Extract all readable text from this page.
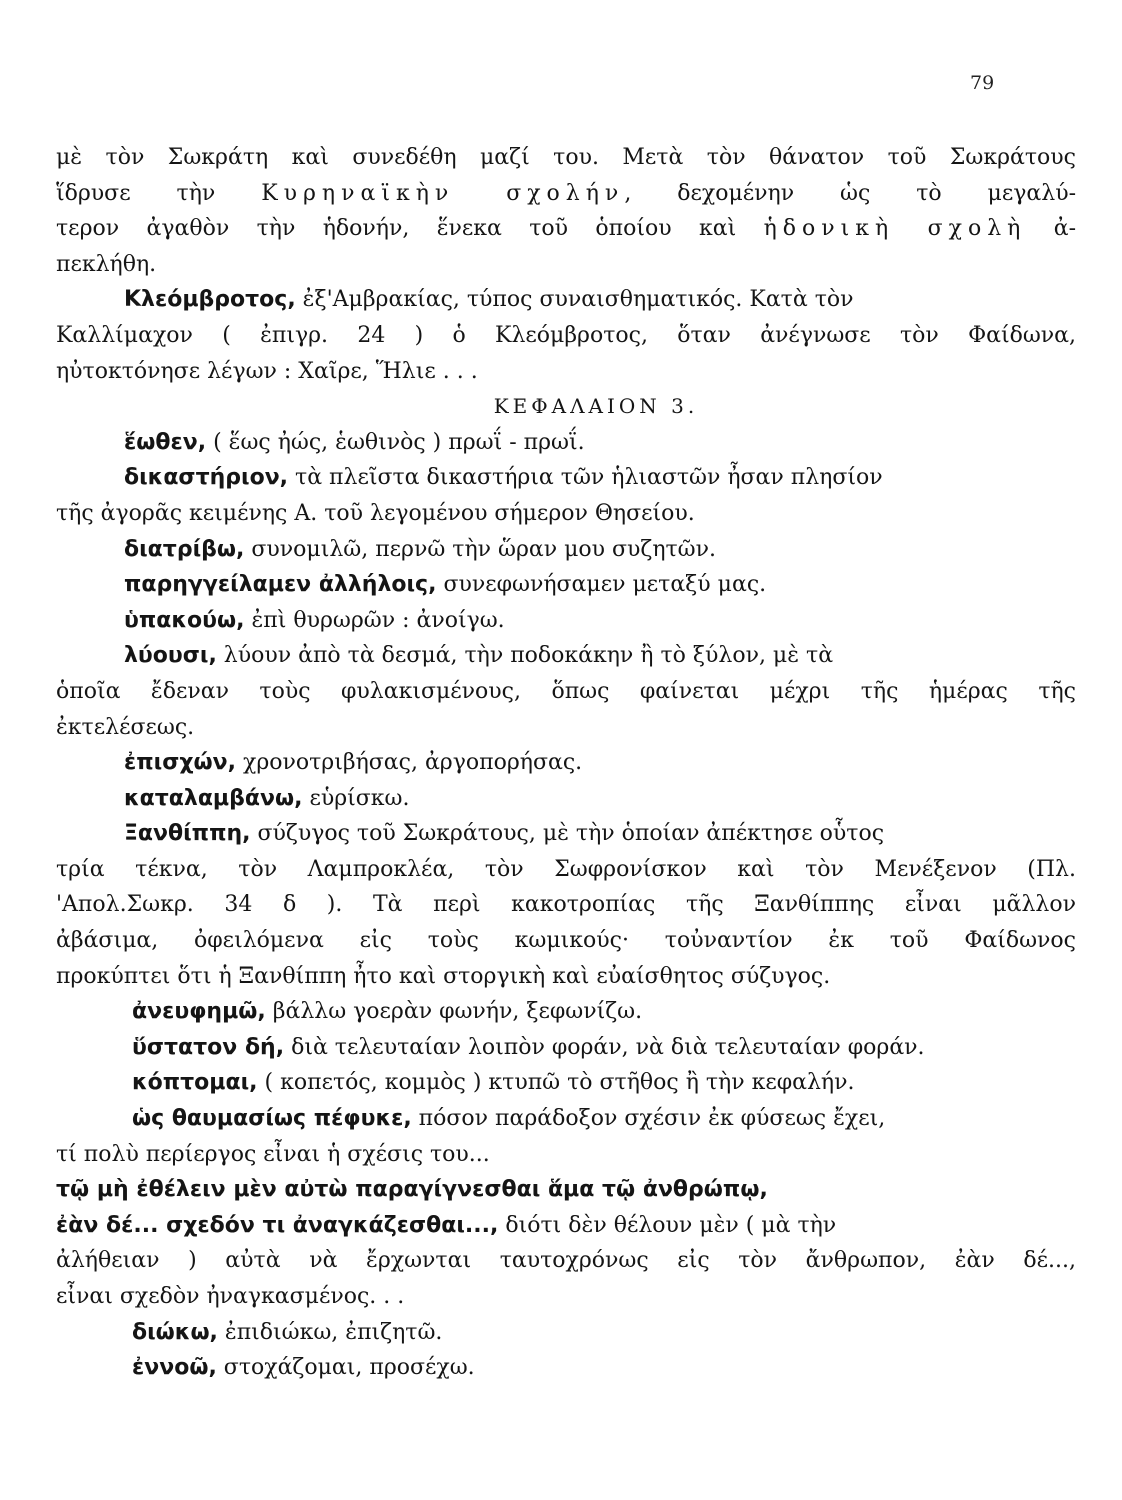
79
μὲ τὸν Σωκράτη καὶ συνεδέθη μαζί του. Μετὰ τὸν θάνατον τοῦ Σωκράτους
ἵδρυσε τὴν Κυρηναϊκὴν σχολήν, δεχομένην ὡς τὸ μεγαλύ-
τερον ἀγαθὸν τὴν ἡδονήν, ἕνεκα τοῦ ὁποίου καὶ ἡδονικὴ σχολὴ ἀ-
πεκλήθη.
Κλεόμβροτος, ἐξ'Αμβρακίας, τύπος συναισθηματικός. Κατὰ τὸν
Καλλίμαχον ( ἐπιγρ. 24 ) ὁ Κλεόμβροτος, ὅταν ἀνέγνωσε τὸν Φαίδωνα,
ηὐτοκτόνησε λέγων : Χαῖρε, Ἥλιε . . .
ΚΕΦΑΛΑΙΟΝ 3.
ἕωθεν, ( ἕως ἠώς, ἑωθινὸς ) πρωΐ - πρωΐ.
δικαστήριον, τὰ πλεῖστα δικαστήρια τῶν ἡλιαστῶν ἦσαν πλησίον
τῆς ἀγορᾶς κειμένης Α. τοῦ λεγομένου σήμερον Θησείου.
διατρίβω, συνομιλῶ, περνῶ τὴν ὥραν μου συζητῶν.
παρηγγείλαμεν ἀλλήλοις, συνεφωνήσαμεν μεταξύ μας.
ὑπακούω, ἐπὶ θυρωρῶν : ἀνοίγω.
λύουσι, λύουν ἀπὸ τὰ δεσμά, τὴν ποδοκάκην ἢ τὸ ξύλον, μὲ τὰ
ὁποῖα ἔδεναν τοὺς φυλακισμένους, ὅπως φαίνεται μέχρι τῆς ἡμέρας τῆς
ἐκτελέσεως.
ἐπισχών, χρονοτριβήσας, ἀργοπορήσας.
καταλαμβάνω, εὑρίσκω.
Ξανθίππη, σύζυγος τοῦ Σωκράτους, μὲ τὴν ὁποίαν ἀπέκτησε οὗτος
τρία τέκνα, τὸν Λαμπροκλέα, τὸν Σωφρονίσκον καὶ τὸν Μενέξενον (Πλ.
'Απολ.Σωκρ. 34 δ ). Τὰ περὶ κακοτροπίας τῆς Ξανθίππης εἶναι μᾶλλον
ἀβάσιμα, ὀφειλόμενα εἰς τοὺς κωμικούς· τοὐναντίον ἐκ τοῦ Φαίδωνος
προκύπτει ὅτι ἡ Ξανθίππη ἦτο καὶ στοργικὴ καὶ εὐαίσθητος σύζυγος.
ἀνευφημῶ, βάλλω γοερὰν φωνήν, ξεφωνίζω.
ὕστατον δή, διὰ τελευταίαν λοιπὸν φοράν, νὰ διὰ τελευταίαν φοράν.
κόπτομαι, ( κοπετός, κομμὸς ) κτυπῶ τὸ στῆθος ἢ τὴν κεφαλήν.
ὡς θαυμασίως πέφυκε, πόσον παράδοξον σχέσιν ἐκ φύσεως ἔχει,
τί πολὺ περίεργος εἶναι ἡ σχέσις του...
τῷ μὴ ἐθέλειν μὲν αὐτὼ παραγίγνεσθαι ἅμα τῷ ἀνθρώπῳ,
ἐὰν δέ... σχεδόν τι ἀναγκάζεσθαι..., διότι δὲν θέλουν μὲν ( μὰ τὴν
ἀλήθειαν ) αὐτὰ νὰ ἔρχωνται ταυτοχρόνως εἰς τὸν ἄνθρωπον, ἐὰν δέ...,
εἶναι σχεδὸν ἠναγκασμένος. . .
διώκω, ἐπιδιώκω, ἐπιζητῶ.
ἐννοῶ, στοχάζομαι, προσέχω.
